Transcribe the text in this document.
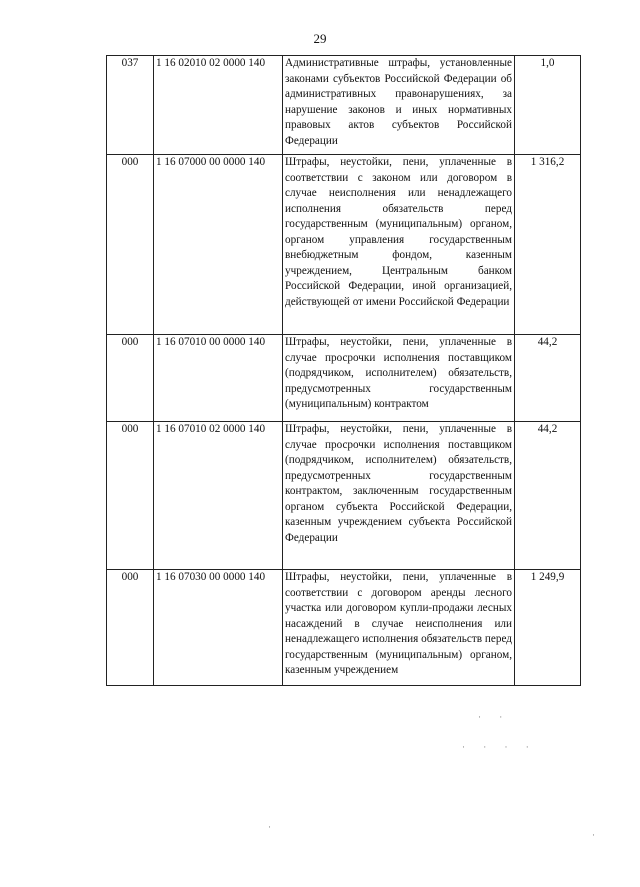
29
037	1 16 02010 02 0000 140	Административные штрафы, установленные законами субъектов Российской Федерации об административных правонарушениях, за нарушение законов и иных нормативных правовых актов субъектов Российской Федерации	1,0
000	1 16 07000 00 0000 140	Штрафы, неустойки, пени, уплаченные в соответствии с законом или договором в случае неисполнения или ненадлежащего исполнения обязательств перед государственным (муниципальным) органом, органом управления государственным внебюджетным фондом, казенным учреждением, Центральным банком Российской Федерации, иной организацией, действующей от имени Российской Федерации	1 316,2
000	1 16 07010 00 0000 140	Штрафы, неустойки, пени, уплаченные в случае просрочки исполнения поставщиком (подрядчиком, исполнителем) обязательств, предусмотренных государственным (муниципальным) контрактом	44,2
000	1 16 07010 02 0000 140	Штрафы, неустойки, пени, уплаченные в случае просрочки исполнения поставщиком (подрядчиком, исполнителем) обязательств, предусмотренных государственным контрактом, заключенным государственным органом субъекта Российской Федерации, казенным учреждением субъекта Российской Федерации	44,2
000	1 16 07030 00 0000 140	Штрафы, неустойки, пени, уплаченные в соответствии с договором аренды лесного участка или договором купли-продажи лесных насаждений в случае неисполнения или ненадлежащего исполнения обязательств перед государственным (муниципальным) органом, казенным учреждением	1 249,9
· ·
· · · ·
·
·
